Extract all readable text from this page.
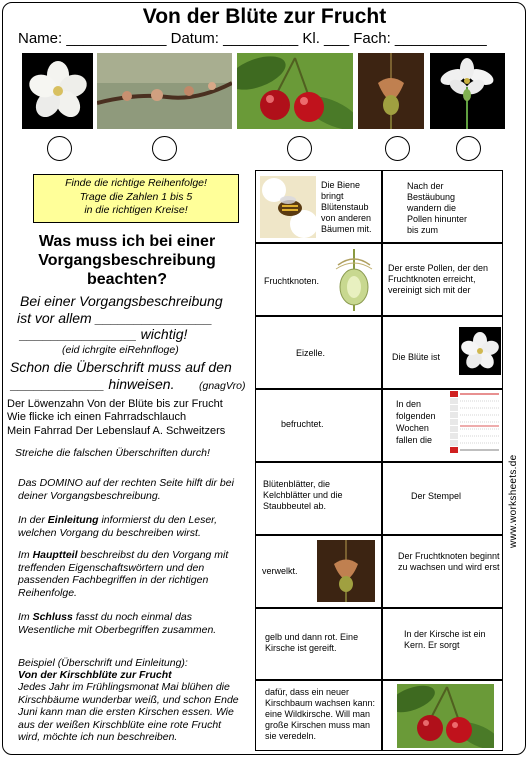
Von der Blüte zur Frucht
Name: ____________ Datum: _________ Kl. ___ Fach: ___________
Finde die richtige Reihenfolge!
Trage die Zahlen 1 bis 5
in die richtigen Kreise!
Was muss ich bei einer
Vorgangsbeschreibung
beachten?
Bei einer Vorgangsbeschreibung
ist vor allem _______________
_______________ wichtig!
(eid ichrgite eiRehnfloge)
Schon die Überschrift muss auf den
____________ hinweisen. (gnagVro)
Der Löwenzahn Von der Blüte bis zur Frucht
Wie flicke ich einen Fahrradschlauch
Mein Fahrrad Der Lebenslauf A. Schweitzers
Streiche die falschen Überschriften durch!
Das DOMINO auf der rechten Seite hilft dir bei deiner Vorgangsbeschreibung.
In der Einleitung informierst du den Leser, welchen Vorgang du beschreiben wirst.
Im Hauptteil beschreibst du den Vorgang mit treffenden Eigenschaftswörtern und den passenden Fachbegriffen in der richtigen Reihenfolge.
Im Schluss fasst du noch einmal das Wesentliche mit Oberbegriffen zusammen.
Beispiel (Überschrift und Einleitung):
Von der Kirschblüte zur Frucht
Jedes Jahr im Frühlingsmonat Mai blühen die Kirschbäume wunderbar weiß, und schon Ende Juni kann man die ersten Kirschen essen. Wie aus der weißen Kirschblüte eine rote Frucht wird, möchte ich nun beschreiben.
Die Biene bringt Blütenstaub von anderen Bäumen mit.
Nach der Bestäubung wandern die Pollen hinunter bis zum
Fruchtknoten.
Der erste Pollen, der den Fruchtknoten erreicht, vereinigt sich mit der
Eizelle.	Die Blüte ist
befruchtet.
In den folgenden Wochen fallen die
Blütenblätter, die Kelchblätter und die Staubbeutel ab.
Der Stempel
verwelkt.
Der Fruchtknoten beginnt zu wachsen und wird erst
gelb und dann rot. Eine Kirsche ist gereift.
In der Kirsche ist ein Kern. Er sorgt
dafür, dass ein neuer Kirschbaum wachsen kann: eine Wildkirsche. Will man große Kirschen muss man sie veredeln.
www.worksheets.de
